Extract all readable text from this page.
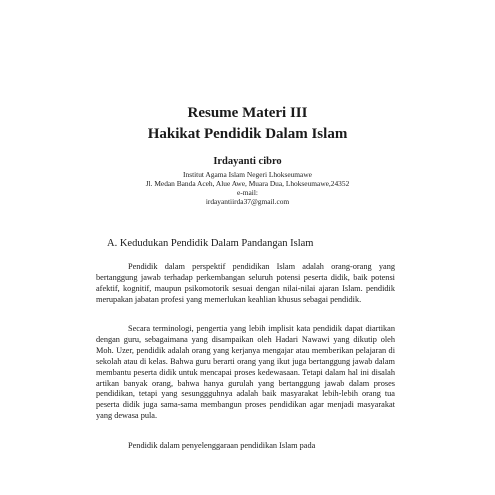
Resume Materi III

Hakikat Pendidik Dalam Islam

Irdayanti cibro

Institut Agama Islam Negeri Lhokseumawe

Jl. Medan Banda Aceh, Alue Awe, Muara Dua, Lhokseumawe,24352

e-mail:

irdayantiirda37@gmail.com

A. Kedudukan Pendidik Dalam Pandangan Islam

Pendidik dalam perspektif pendidikan Islam adalah orang-orang yang bertanggung jawab terhadap perkembangan seluruh potensi peserta didik, baik potensi afektif, kognitif, maupun psikomotorik sesuai dengan nilai-nilai ajaran Islam. pendidik merupakan jabatan profesi yang memerlukan keahlian khusus sebagai pendidik.

Secara terminologi, pengertia yang lebih implisit kata pendidik dapat diartikan dengan guru, sebagaimana yang disampaikan oleh Hadari Nawawi yang dikutip oleh Moh. Uzer, pendidik adalah orang yang kerjanya mengajar atau memberikan pelajaran di sekolah atau di kelas. Bahwa guru berarti orang yang ikut juga bertanggung jawab dalam membantu peserta didik untuk mencapai proses kedewasaan. Tetapi dalam hal ini disalah artikan banyak orang, bahwa hanya gurulah yang bertanggung jawab dalam proses pendidikan, tetapi yang sesunggguhnya adalah baik masyarakat lebih-lebih orang tua peserta didik juga sama-sama membangun proses pendidikan agar menjadi masyarakat yang dewasa pula.

Pendidik dalam penyelenggaraan pendidikan Islam pada
